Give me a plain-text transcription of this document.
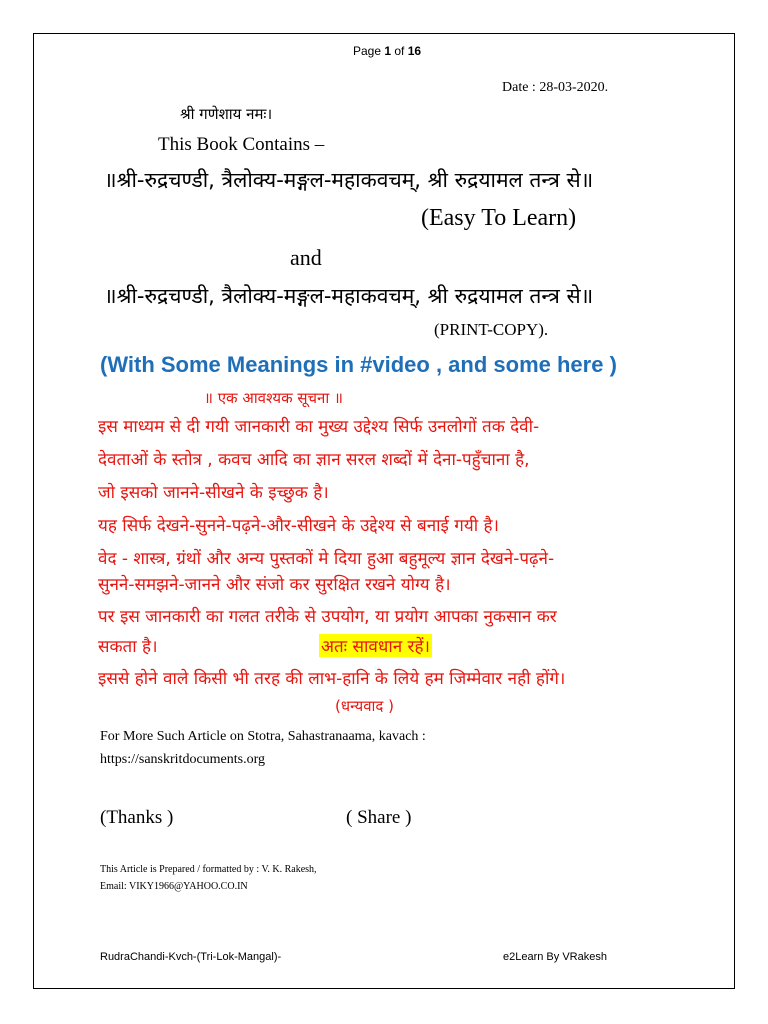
Page 1 of 16
Date : 28-03-2020.
श्री गणेशाय नमः।
This Book Contains –
॥श्री-रुद्रचण्डी, त्रैलोक्य-मङ्गल-महाकवचम्, श्री रुद्रयामल तन्त्र से॥
(Easy To Learn)
and
॥श्री-रुद्रचण्डी, त्रैलोक्य-मङ्गल-महाकवचम्, श्री रुद्रयामल तन्त्र से॥
(PRINT-COPY).
(With Some Meanings in #video , and some here )
॥ एक आवश्यक सूचना ॥
इस माध्यम से दी गयी जानकारी का मुख्य उद्देश्य सिर्फ उनलोगों तक देवी-
देवताओं के स्तोत्र , कवच आदि का ज्ञान सरल शब्दों में देना-पहुँचाना है,
जो इसको जानने-सीखने के इच्छुक है।
यह सिर्फ देखने-सुनने-पढ़ने-और-सीखने के उद्देश्य से बनाई गयी है।
वेद - शास्त्र, ग्रंथों और अन्य पुस्तकों मे दिया हुआ बहुमूल्य ज्ञान देखने-पढ़ने-
सुनने-समझने-जानने और संजो कर सुरक्षित रखने योग्य है।
पर इस जानकारी का गलत तरीके से उपयोग, या प्रयोग आपका नुकसान कर
सकता है।	अतः सावधान रहें।
इससे होने वाले किसी भी तरह की लाभ-हानि के लिये हम जिम्मेवार नही होंगे।
(धन्यवाद )
For More Such Article on Stotra, Sahastranaama, kavach :
https://sanskritdocuments.org
(Thanks )	( Share )
This Article is Prepared / formatted by : V. K. Rakesh,
Email: VIKY1966@YAHOO.CO.IN
RudraChandi-Kvch-(Tri-Lok-Mangal)-	e2Learn By VRakesh
